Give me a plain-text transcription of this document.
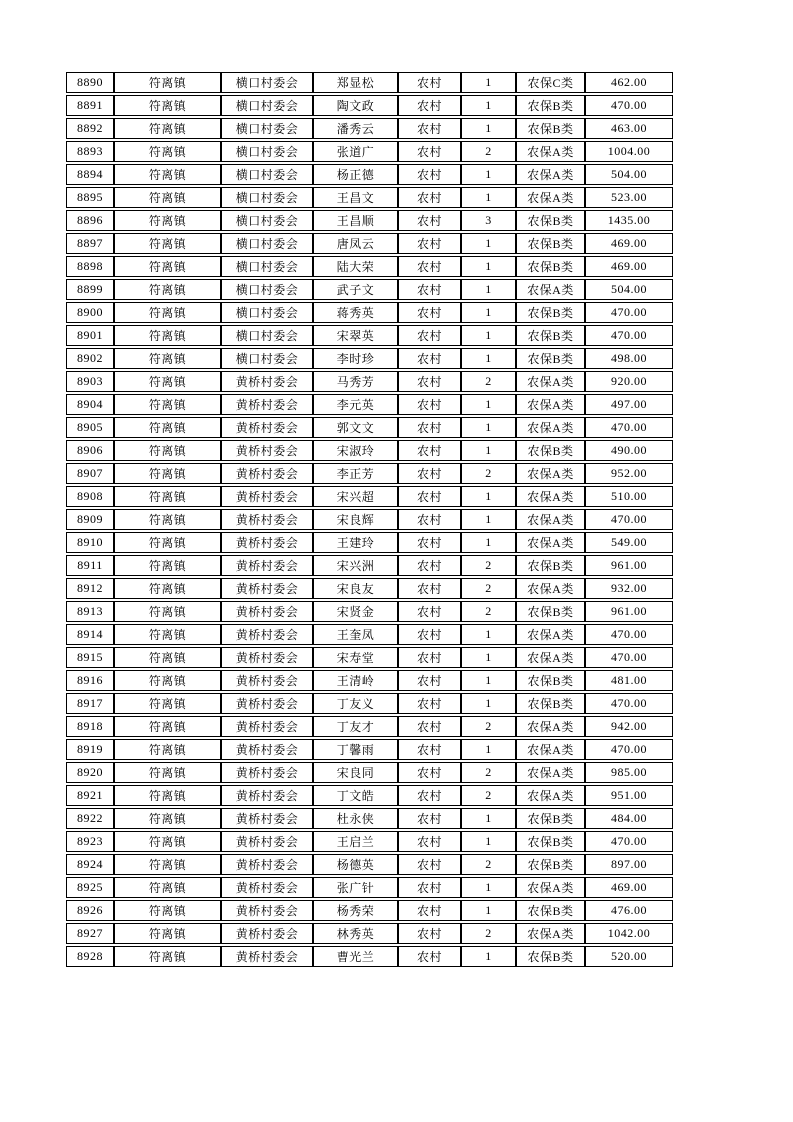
8890	符离镇	横口村委会	郑显松	农村	1	农保C类	462.00
8891	符离镇	横口村委会	陶文政	农村	1	农保B类	470.00
8892	符离镇	横口村委会	潘秀云	农村	1	农保B类	463.00
8893	符离镇	横口村委会	张道广	农村	2	农保A类	1004.00
8894	符离镇	横口村委会	杨正德	农村	1	农保A类	504.00
8895	符离镇	横口村委会	王昌文	农村	1	农保A类	523.00
8896	符离镇	横口村委会	王昌顺	农村	3	农保B类	1435.00
8897	符离镇	横口村委会	唐凤云	农村	1	农保B类	469.00
8898	符离镇	横口村委会	陆大荣	农村	1	农保B类	469.00
8899	符离镇	横口村委会	武子文	农村	1	农保A类	504.00
8900	符离镇	横口村委会	蒋秀英	农村	1	农保B类	470.00
8901	符离镇	横口村委会	宋翠英	农村	1	农保B类	470.00
8902	符离镇	横口村委会	李时珍	农村	1	农保B类	498.00
8903	符离镇	黄桥村委会	马秀芳	农村	2	农保A类	920.00
8904	符离镇	黄桥村委会	李元英	农村	1	农保A类	497.00
8905	符离镇	黄桥村委会	郭文文	农村	1	农保A类	470.00
8906	符离镇	黄桥村委会	宋淑玲	农村	1	农保B类	490.00
8907	符离镇	黄桥村委会	李正芳	农村	2	农保A类	952.00
8908	符离镇	黄桥村委会	宋兴超	农村	1	农保A类	510.00
8909	符离镇	黄桥村委会	宋良辉	农村	1	农保A类	470.00
8910	符离镇	黄桥村委会	王建玲	农村	1	农保A类	549.00
8911	符离镇	黄桥村委会	宋兴洲	农村	2	农保B类	961.00
8912	符离镇	黄桥村委会	宋良友	农村	2	农保A类	932.00
8913	符离镇	黄桥村委会	宋贤金	农村	2	农保B类	961.00
8914	符离镇	黄桥村委会	王奎凤	农村	1	农保A类	470.00
8915	符离镇	黄桥村委会	宋寿堂	农村	1	农保A类	470.00
8916	符离镇	黄桥村委会	王清岭	农村	1	农保B类	481.00
8917	符离镇	黄桥村委会	丁友义	农村	1	农保B类	470.00
8918	符离镇	黄桥村委会	丁友才	农村	2	农保A类	942.00
8919	符离镇	黄桥村委会	丁馨雨	农村	1	农保A类	470.00
8920	符离镇	黄桥村委会	宋良同	农村	2	农保A类	985.00
8921	符离镇	黄桥村委会	丁文皓	农村	2	农保A类	951.00
8922	符离镇	黄桥村委会	杜永侠	农村	1	农保B类	484.00
8923	符离镇	黄桥村委会	王启兰	农村	1	农保B类	470.00
8924	符离镇	黄桥村委会	杨德英	农村	2	农保B类	897.00
8925	符离镇	黄桥村委会	张广针	农村	1	农保A类	469.00
8926	符离镇	黄桥村委会	杨秀荣	农村	1	农保B类	476.00
8927	符离镇	黄桥村委会	林秀英	农村	2	农保A类	1042.00
8928	符离镇	黄桥村委会	曹光兰	农村	1	农保B类	520.00
